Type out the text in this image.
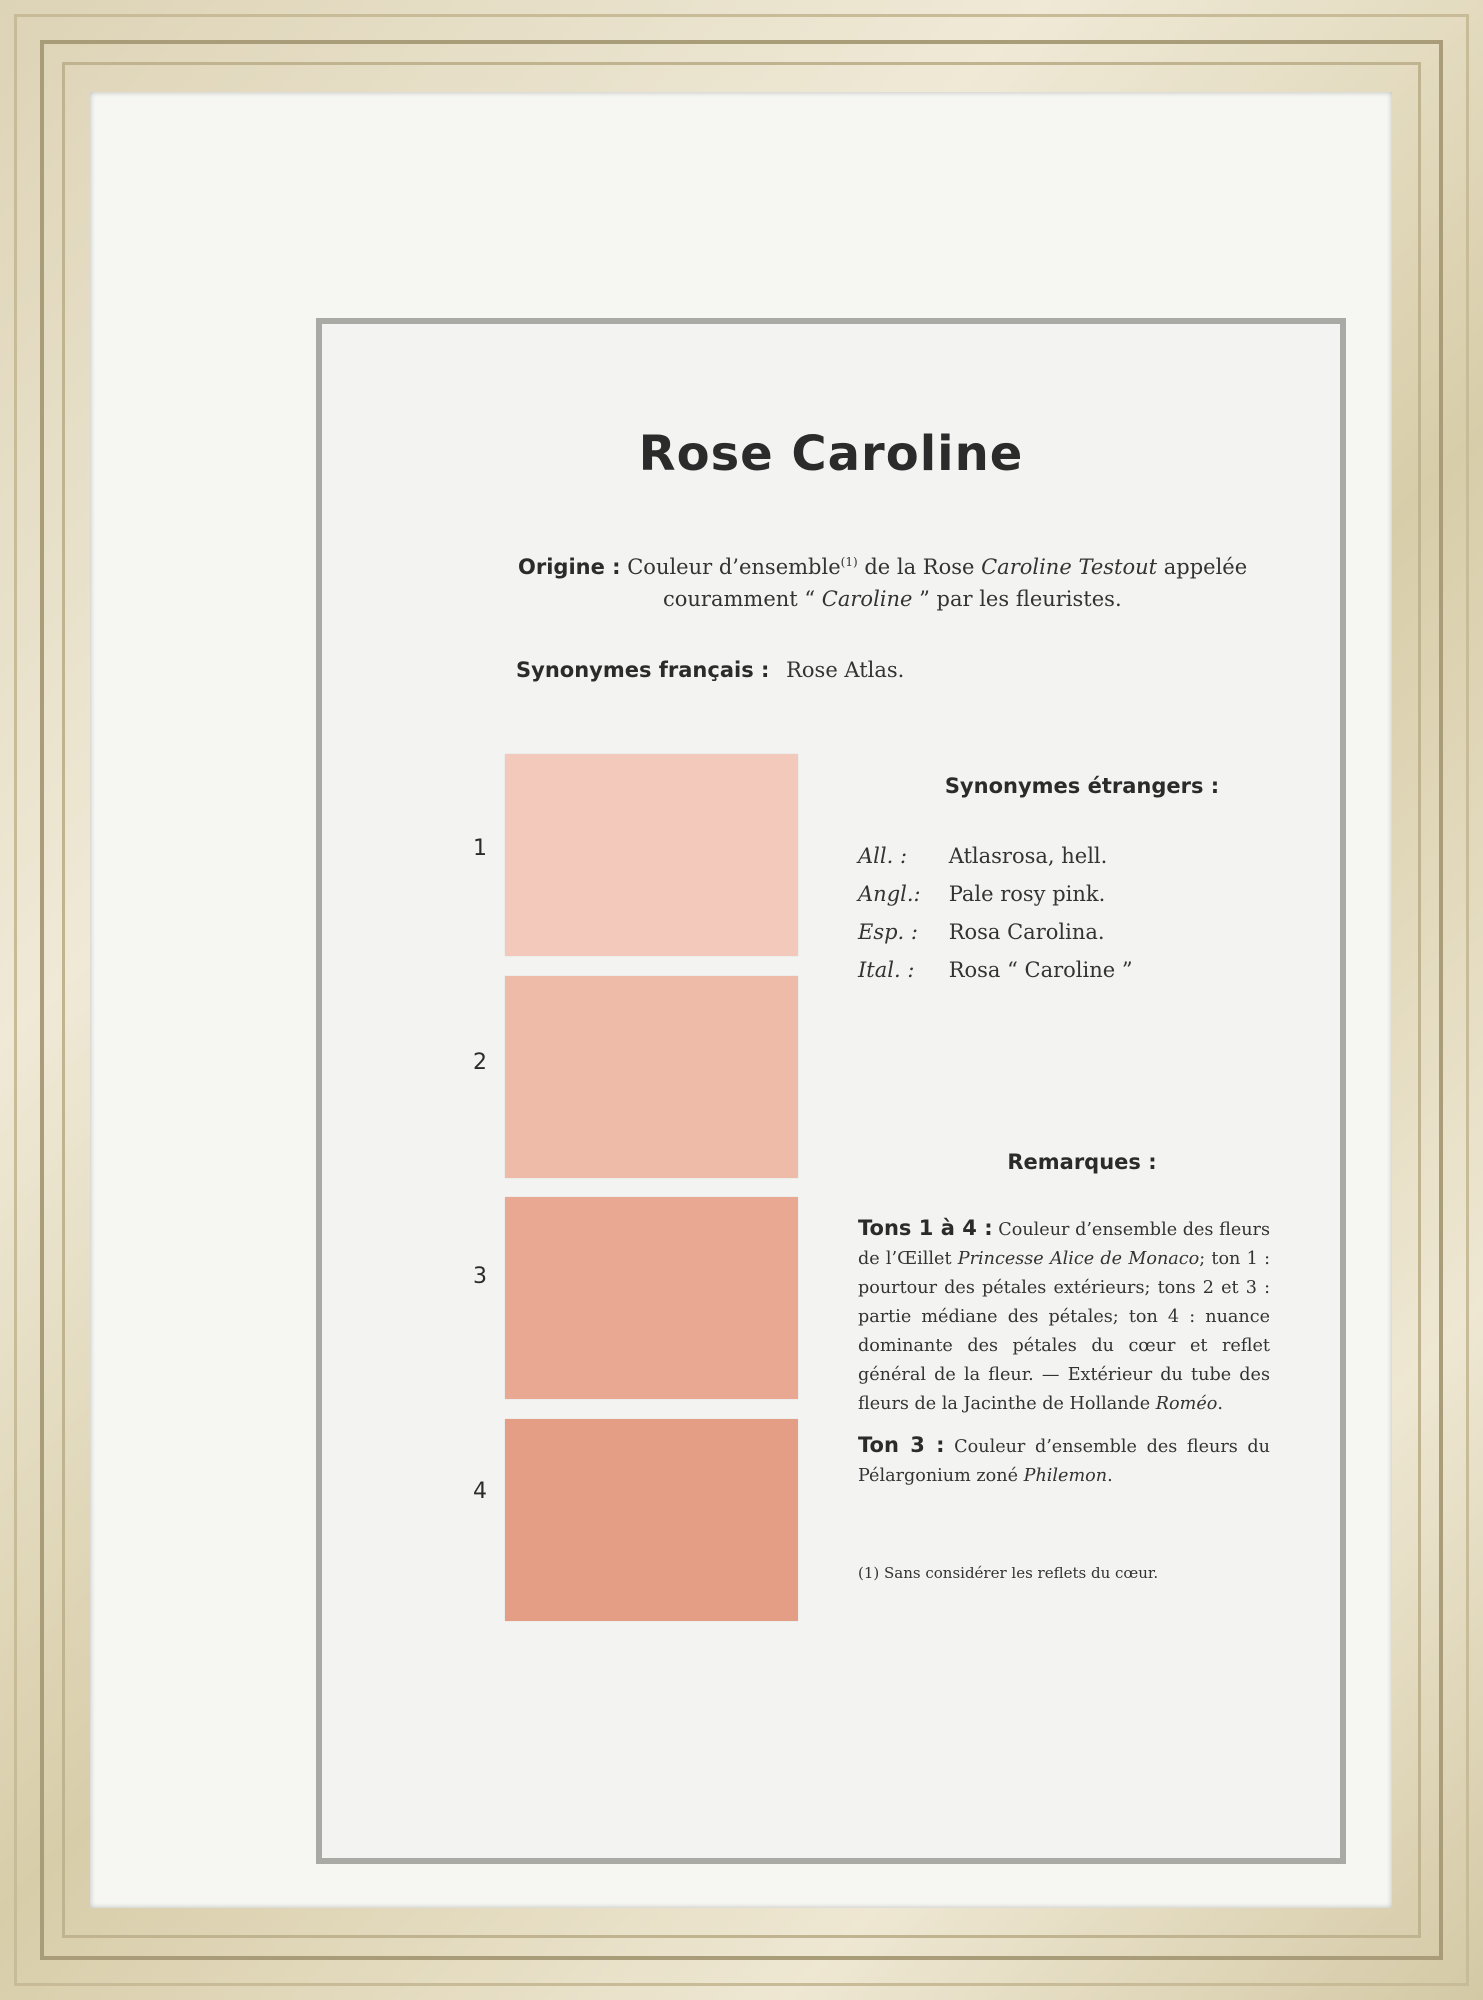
Rose Caroline
Origine : Couleur d’ensemble$^{(1)}$ de la Rose Caroline Testout appelée
couramment “ Caroline ” par les fleuristes.
Synonymes français : Rose Atlas.
1
2
3
4
Synonymes étrangers :
All. : Atlasrosa, hell.
Angl.: Pale rosy pink.
Esp. : Rosa Carolina.
Ital. : Rosa “ Caroline ”
Remarques :

Tons 1 à 4 : Couleur d’ensemble des fleurs de l’Œillet Princesse Alice de Monaco; ton 1 : pourtour des pétales extérieurs; tons 2 et 3 : partie médiane des pétales; ton 4 : nuance dominante des pétales du cœur et reflet général de la fleur. — Extérieur du tube des fleurs de la Jacinthe de Hollande Roméo.

Ton 3 : Couleur d’ensemble des fleurs du Pélargonium zoné Philemon.

(1) Sans considérer les reflets du cœur.
